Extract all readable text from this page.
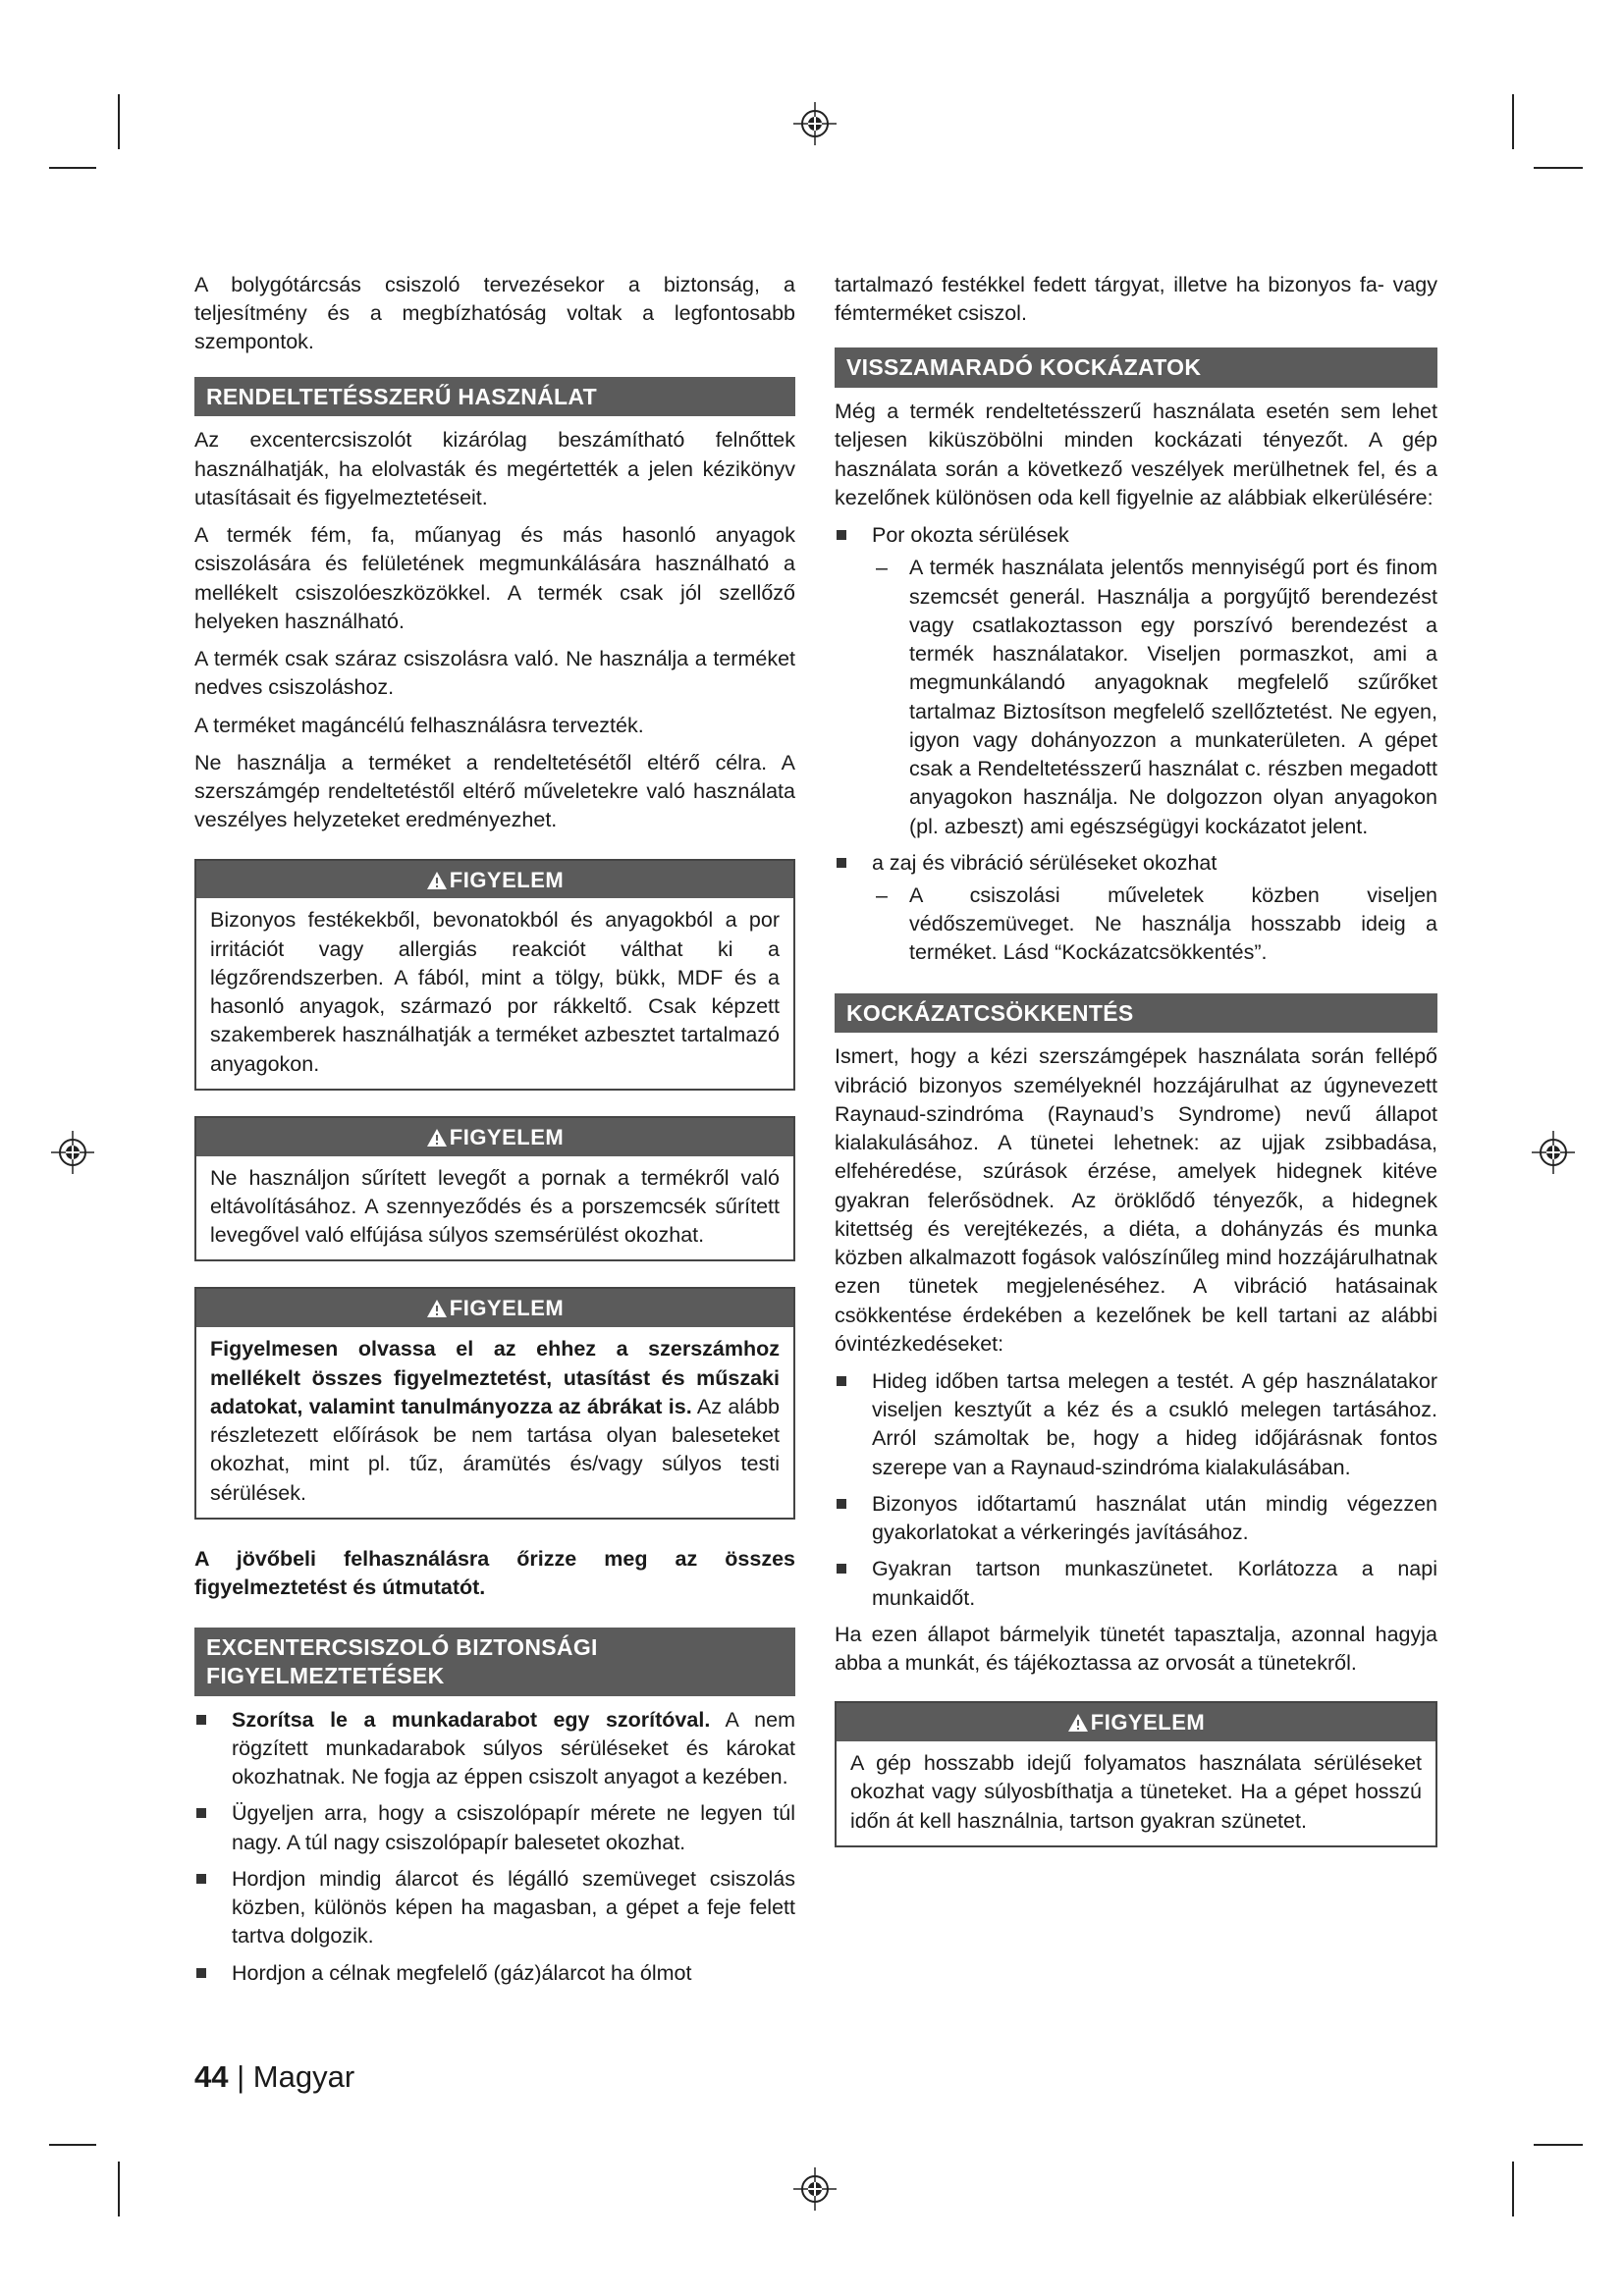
A bolygótárcsás csiszoló tervezésekor a biztonság, a teljesítmény és a megbízhatóság voltak a legfontosabb szempontok.

RENDELTETÉSSZERŰ HASZNÁLAT

Az excentercsiszolót kizárólag beszámítható felnőttek használhatják, ha elolvasták és megértették a jelen kézikönyv utasításait és figyelmeztetéseit.

A termék fém, fa, műanyag és más hasonló anyagok csiszolására és felületének megmunkálására használható a mellékelt csiszolóeszközökkel. A termék csak jól szellőző helyeken használható.

A termék csak száraz csiszolásra való. Ne használja a terméket nedves csiszoláshoz.

A terméket magáncélú felhasználásra tervezték.

Ne használja a terméket a rendeltetésétől eltérő célra. A szerszámgép rendeltetéstől eltérő műveletekre való használata veszélyes helyzeteket eredményezhet.

FIGYELEM
Bizonyos festékekből, bevonatokból és anyagokból a por irritációt vagy allergiás reakciót válthat ki a légzőrendszerben. A fából, mint a tölgy, bükk, MDF és a hasonló anyagok, származó por rákkeltő. Csak képzett szakemberek használhatják a terméket azbesztet tartalmazó anyagokon.
FIGYELEM
Ne használjon sűrített levegőt a pornak a termékről való eltávolításához. A szennyeződés és a porszemcsék sűrített levegővel való elfújása súlyos szemsérülést okozhat.
FIGYELEM
Figyelmesen olvassa el az ehhez a szerszámhoz mellékelt összes figyelmeztetést, utasítást és műszaki adatokat, valamint tanulmányozza az ábrákat is. Az alább részletezett előírások be nem tartása olyan baleseteket okozhat, mint pl. tűz, áramütés és/vagy súlyos testi sérülések.

A jövőbeli felhasználásra őrizze meg az összes figyelmeztetést és útmutatót.

EXCENTERCSISZOLÓ BIZTONSÁGI FIGYELMEZTETÉSEK
Szorítsa le a munkadarabot egy szorítóval. A nem rögzített munkadarabok súlyos sérüléseket és károkat okozhatnak. Ne fogja az éppen csiszolt anyagot a kezében.
Ügyeljen arra, hogy a csiszolópapír mérete ne legyen túl nagy. A túl nagy csiszolópapír balesetet okozhat.
Hordjon mindig álarcot és légálló szemüveget csiszolás közben, különös képen ha magasban, a gépet a feje felett tartva dolgozik.
Hordjon a célnak megfelelő (gáz)álarcot ha ólmot

tartalmazó festékkel fedett tárgyat, illetve ha bizonyos fa- vagy fémterméket csiszol.

VISSZAMARADÓ KOCKÁZATOK

Még a termék rendeltetésszerű használata esetén sem lehet teljesen kiküszöbölni minden kockázati tényezőt. A gép használata során a következő veszélyek merülhetnek fel, és a kezelőnek különösen oda kell figyelnie az alábbiak elkerülésére:

Por okozta sérülések
– A termék használata jelentős mennyiségű port és finom szemcsét generál. Használja a porgyűjtő berendezést vagy csatlakoztasson egy porszívó berendezést a termék használatakor. Viseljen pormaszkot, ami a megmunkálandó anyagoknak megfelelő szűrőket tartalmaz Biztosítson megfelelő szellőztetést. Ne egyen, igyon vagy dohányozzon a munkaterületen. A gépet csak a Rendeltetésszerű használat c. részben megadott anyagokon használja. Ne dolgozzon olyan anyagokon (pl. azbeszt) ami egészségügyi kockázatot jelent.
a zaj és vibráció sérüléseket okozhat
– A csiszolási műveletek közben viseljen védőszemüveget. Ne használja hosszabb ideig a terméket. Lásd “Kockázatcsökkentés”.
KOCKÁZATCSÖKKENTÉS

Ismert, hogy a kézi szerszámgépek használata során fellépő vibráció bizonyos személyeknél hozzájárulhat az úgynevezett Raynaud-szindróma (Raynaud’s Syndrome) nevű állapot kialakulásához. A tünetei lehetnek: az ujjak zsibbadása, elfehéredése, szúrások érzése, amelyek hidegnek kitéve gyakran felerősödnek. Az öröklődő tényezők, a hidegnek kitettség és verejtékezés, a diéta, a dohányzás és munka közben alkalmazott fogások valószínűleg mind hozzájárulhatnak ezen tünetek megjelenéséhez. A vibráció hatásainak csökkentése érdekében a kezelőnek be kell tartani az alábbi óvintézkedéseket:

Hideg időben tartsa melegen a testét. A gép használatakor viseljen kesztyűt a kéz és a csukló melegen tartásához. Arról számoltak be, hogy a hideg időjárásnak fontos szerepe van a Raynaud-szindróma kialakulásában.
Bizonyos időtartamú használat után mindig végezzen gyakorlatokat a vérkeringés javításához.
Gyakran tartson munkaszünetet. Korlátozza a napi munkaidőt.

Ha ezen állapot bármelyik tünetét tapasztalja, azonnal hagyja abba a munkát, és tájékoztassa az orvosát a tünetekről.

FIGYELEM
A gép hosszabb idejű folyamatos használata sérüléseket okozhat vagy súlyosbíthatja a tüneteket. Ha a gépet hosszú időn át kell használnia, tartson gyakran szünetet.
44 | Magyar
